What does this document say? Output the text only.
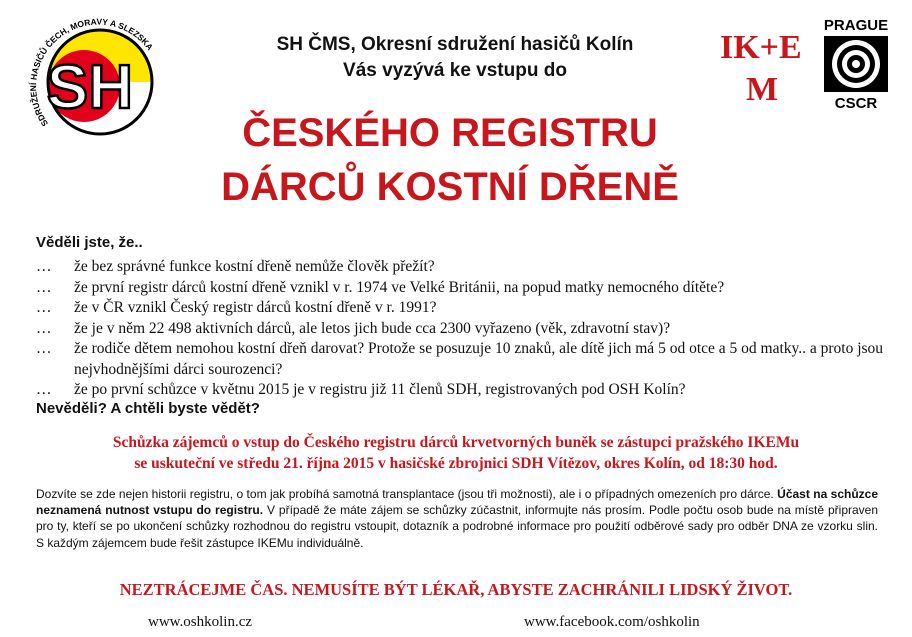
SH
SDRUŽENÍ HASIČŮ ČECH, MORAVY A SLEZSKA	IK+E
M
PRAGUE
CSCR
SH ČMS, Okresní sdružení hasičů Kolín
Vás vyzývá ke vstupu do
ČESKÉHO REGISTRU
DÁRCŮ KOSTNÍ DŘENĚ
Věděli jste, že..
…	že bez správné funkce kostní dřeně nemůže člověk přežít?
…	že první registr dárců kostní dřeně vznikl v r. 1974 ve Velké Británii, na popud matky nemocného dítěte?
…	že v ČR vznikl Český registr dárců kostní dřeně v r. 1991?
…	že je v něm 22 498 aktivních dárců, ale letos jich bude cca 2300 vyřazeno (věk, zdravotní stav)?
…	že rodiče dětem nemohou kostní dřeň darovat? Protože se posuzuje 10 znaků, ale dítě jich má 5 od otce a 5 od matky.. a proto jsou nejvhodnějšími dárci sourozenci?
…	že po první schůzce v květnu 2015 je v registru již 11 členů SDH, registrovaných pod OSH Kolín?
Nevěděli? A chtěli byste vědět?
Schůzka zájemců o vstup do Českého registru dárců krvetvorných buněk se zástupci pražského IKEMu
se uskuteční ve středu 21. října 2015 v hasičské zbrojnici SDH Vítězov, okres Kolín, od 18:30 hod.
Dozvíte se zde nejen historii registru, o tom jak probíhá samotná transplantace (jsou tři možnosti), ale i o případných omezeních pro dárce. Účast na schůzce neznamená nutnost vstupu do registru. V případě že máte zájem se schůzky zúčastnit, informujte nás prosím. Podle počtu osob bude na místě připraven pro ty, kteří se po ukončení schůzky rozhodnou do registru vstoupit, dotazník a podrobné informace pro použití odběrové sady pro odběr DNA ze vzorku slin. S každým zájemcem bude řešit zástupce IKEMu individuálně.
NEZTRÁCEJME ČAS. NEMUSÍTE BÝT LÉKAŘ, ABYSTE ZACHRÁNILI LIDSKÝ ŽIVOT.
www.oshkolin.cz	www.facebook.com/oshkolin
